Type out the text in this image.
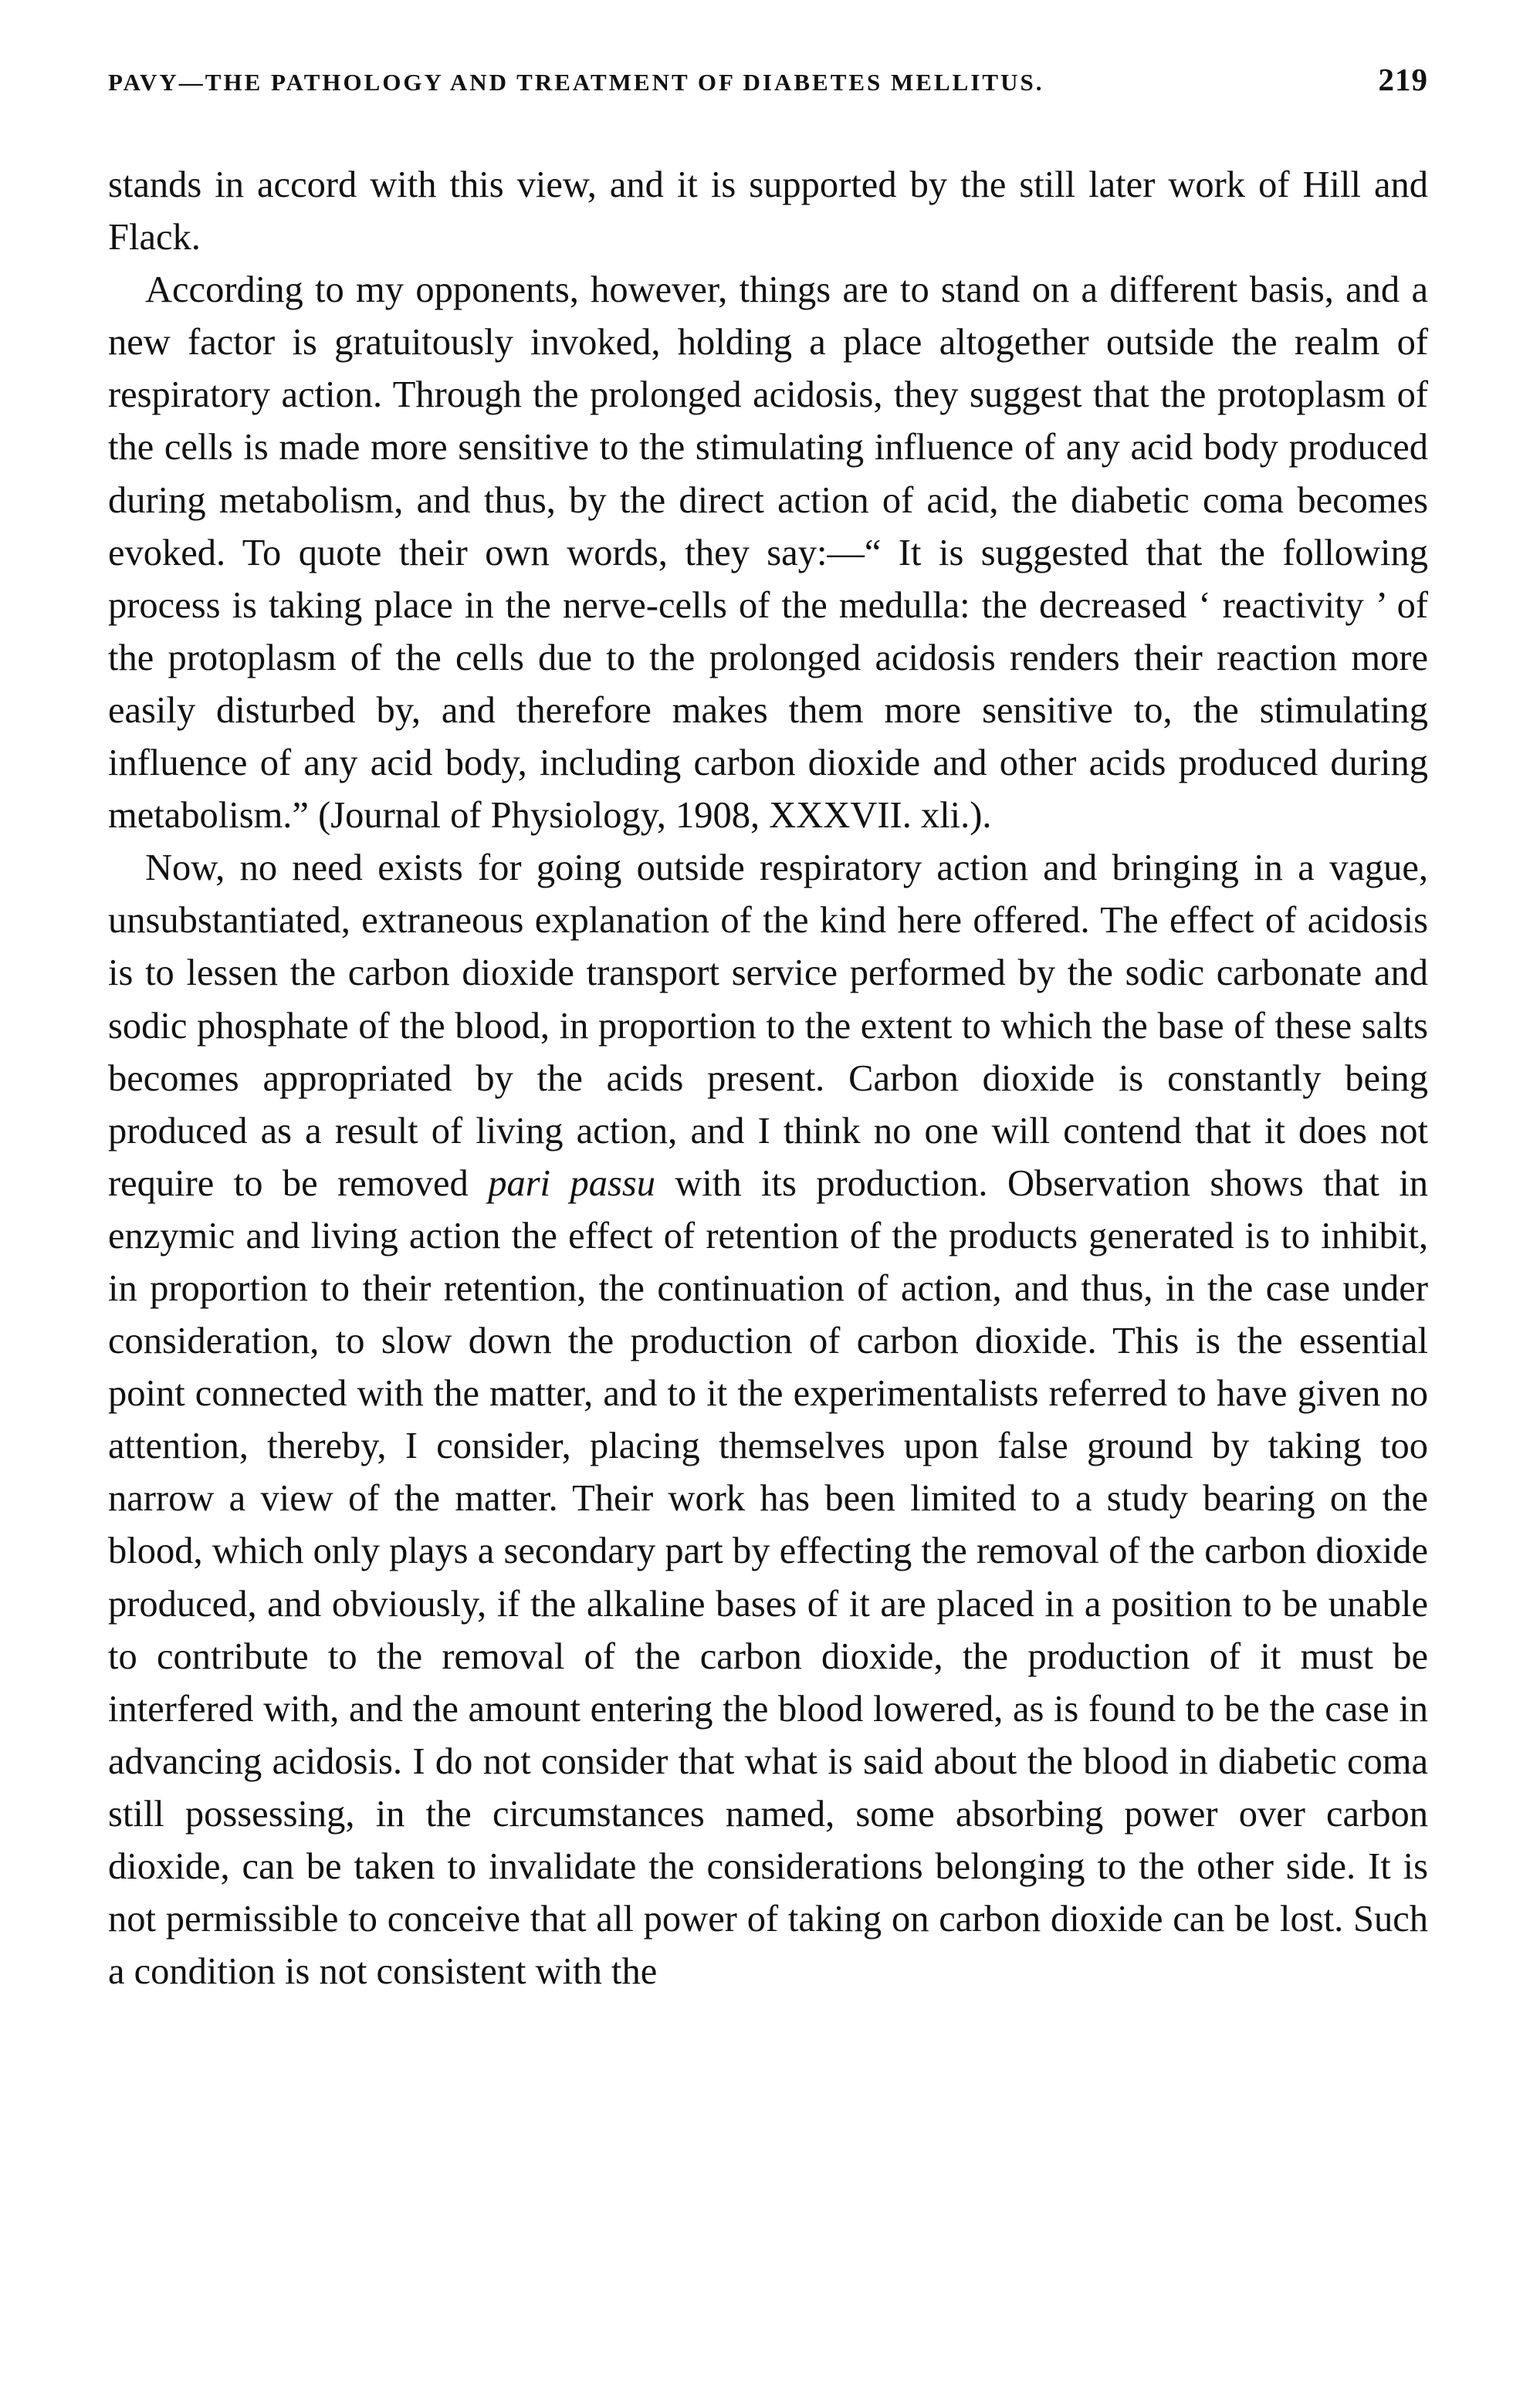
PAVY—THE PATHOLOGY AND TREATMENT OF DIABETES MELLITUS.	219

stands in accord with this view, and it is supported by the still later work of Hill and Flack.

According to my opponents, however, things are to stand on a different basis, and a new factor is gratuitously invoked, holding a place altogether outside the realm of respiratory action. Through the prolonged acidosis, they suggest that the protoplasm of the cells is made more sensitive to the stimulating influence of any acid body produced during metabolism, and thus, by the direct action of acid, the diabetic coma becomes evoked. To quote their own words, they say:—“ It is suggested that the following process is taking place in the nerve-cells of the medulla: the decreased ‘ reactivity ’ of the protoplasm of the cells due to the prolonged acidosis renders their reaction more easily disturbed by, and therefore makes them more sensitive to, the stimulating influence of any acid body, including carbon dioxide and other acids produced during metabolism.” (Journal of Physiology, 1908, XXXVII. xli.).

Now, no need exists for going outside respiratory action and bringing in a vague, unsubstantiated, extraneous explanation of the kind here offered. The effect of acidosis is to lessen the carbon dioxide transport service performed by the sodic carbonate and sodic phosphate of the blood, in proportion to the extent to which the base of these salts becomes appropriated by the acids present. Carbon dioxide is constantly being produced as a result of living action, and I think no one will contend that it does not require to be removed pari passu with its production. Observation shows that in enzymic and living action the effect of retention of the products generated is to inhibit, in proportion to their retention, the continuation of action, and thus, in the case under consideration, to slow down the production of carbon dioxide. This is the essential point connected with the matter, and to it the experimentalists referred to have given no attention, thereby, I consider, placing themselves upon false ground by taking too narrow a view of the matter. Their work has been limited to a study bearing on the blood, which only plays a secondary part by effecting the removal of the carbon dioxide produced, and obviously, if the alkaline bases of it are placed in a position to be unable to contribute to the removal of the carbon dioxide, the production of it must be interfered with, and the amount entering the blood lowered, as is found to be the case in advancing acidosis. I do not consider that what is said about the blood in diabetic coma still possessing, in the circumstances named, some absorbing power over carbon dioxide, can be taken to invalidate the considerations belonging to the other side. It is not permissible to conceive that all power of taking on carbon dioxide can be lost. Such a condition is not consistent with the
